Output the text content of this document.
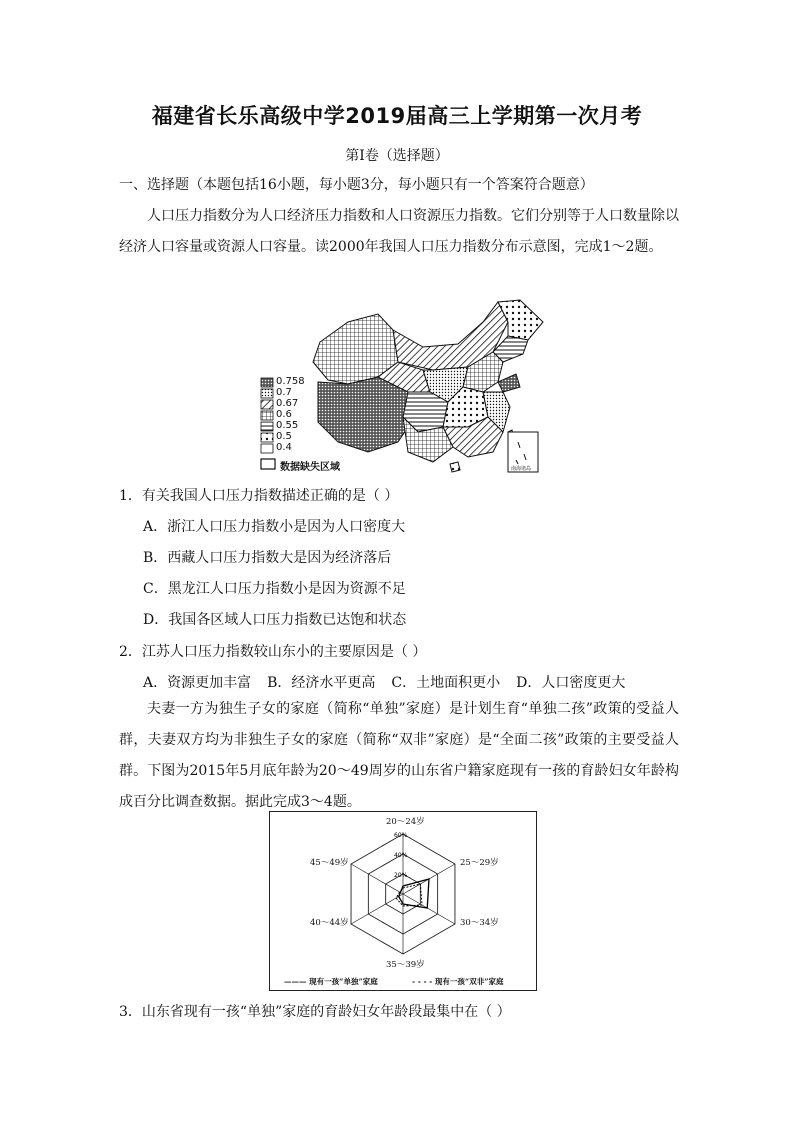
福建省长乐高级中学2019届高三上学期第一次月考
第Ⅰ卷（选择题）
一、选择题（本题包括16小题，每小题3分，每小题只有一个答案符合题意）
人口压力指数分为人口经济压力指数和人口资源压力指数。它们分别等于人口数量除以经济人口容量或资源人口容量。读2000年我国人口压力指数分布示意图，完成1～2题。
0.758
0.7
0.67
0.6
0.55
0.5
0.4
数据缺失区域	南海诸岛
1．有关我国人口压力指数描述正确的是（ ）
A．浙江人口压力指数小是因为人口密度大
B．西藏人口压力指数大是因为经济落后
C．黑龙江人口压力指数小是因为资源不足
D．我国各区域人口压力指数已达饱和状态
2．江苏人口压力指数较山东小的主要原因是（ ）
A．资源更加丰富 B．经济水平更高 C．土地面积更小 D．人口密度更大
夫妻一方为独生子女的家庭（简称“单独”家庭）是计划生育“单独二孩”政策的受益人群，夫妻双方均为非独生子女的家庭（简称“双非”家庭）是“全面二孩”政策的主要受益人群。下图为2015年5月底年龄为20～49周岁的山东省户籍家庭现有一孩的育龄妇女年龄构成百分比调查数据。据此完成3～4题。
20%
40%
60%
20～24岁
25～29岁
30～34岁
35～39岁
40～44岁
45～49岁
——— 现有一孩“单独”家庭	- - - - 现有一孩“双非”家庭
3．山东省现有一孩“单独”家庭的育龄妇女年龄段最集中在（ ）
